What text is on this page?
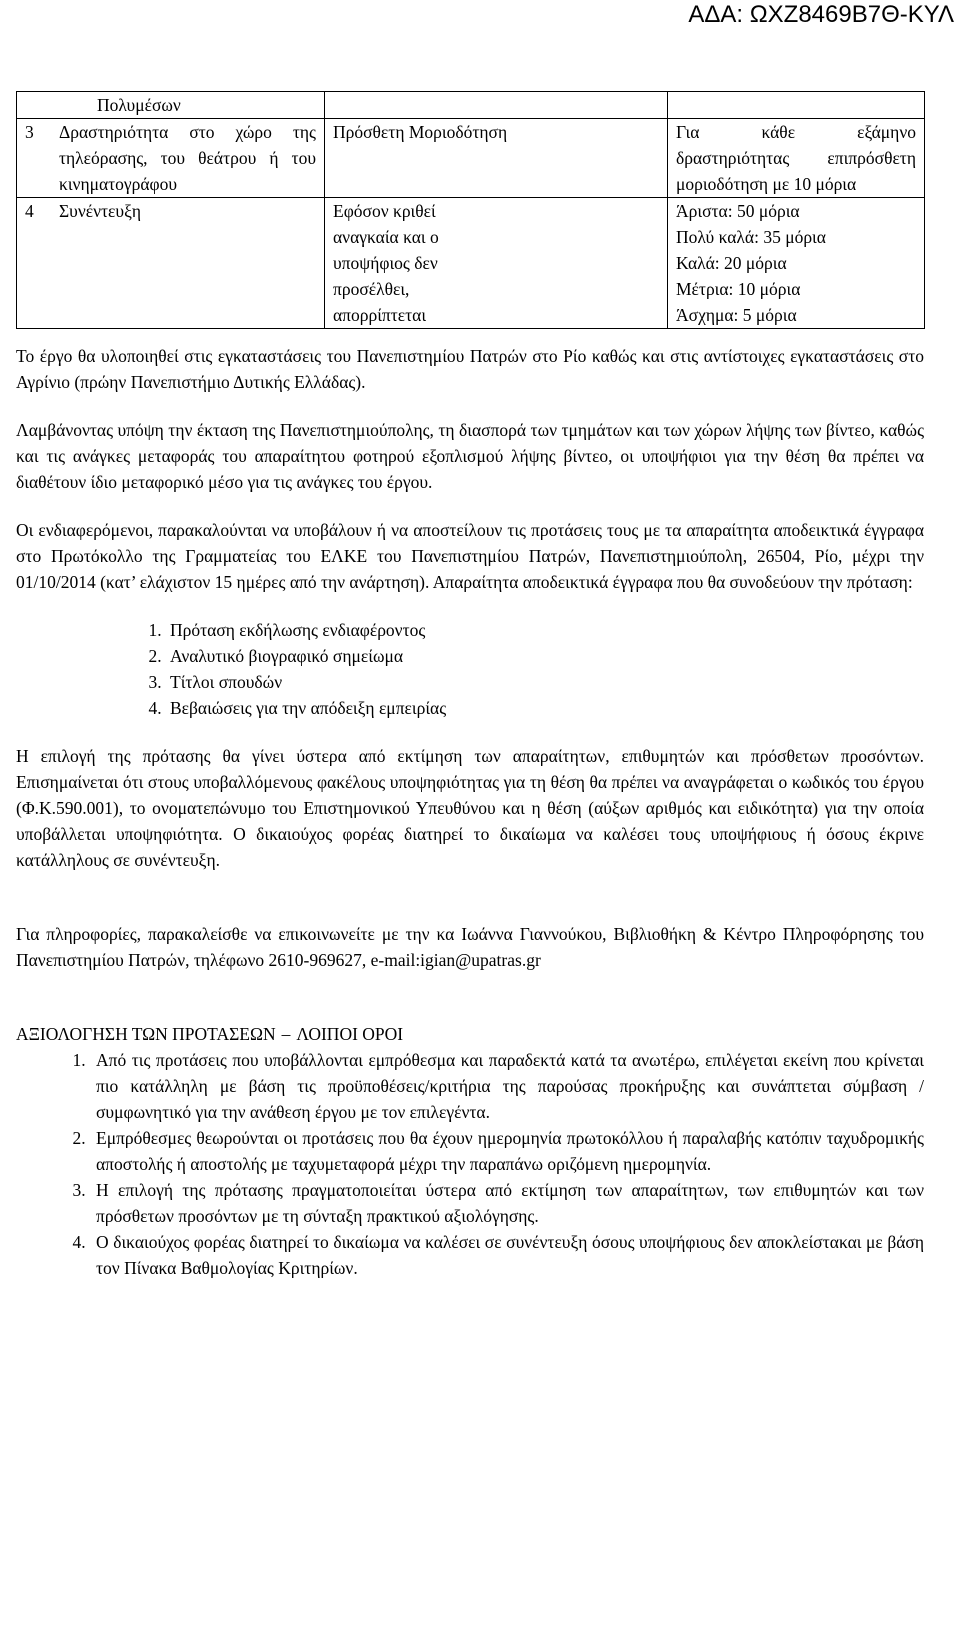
ΑΔΑ: ΩΧΖ8469Β7Θ-ΚΥΛ
Πολυμέσων		

3 Δραστηριότητα στο χώρο της τηλεόρασης, του θεάτρου ή του κινηματογράφου	Πρόσθετη Μοριοδότηση	Για κάθε εξάμηνο δραστηριότητας επιπρόσθετη μοριοδότηση με 10 μόρια

4 Συνέντευξη	Εφόσον κριθεί αναγκαία και ο υποψήφιος δεν προσέλθει, απορρίπτεται	Άριστα: 50 μόρια
Πολύ καλά: 35 μόρια
Καλά: 20 μόρια
Μέτρια: 10 μόρια
Άσχημα: 5 μόρια

Το έργο θα υλοποιηθεί στις εγκαταστάσεις του Πανεπιστημίου Πατρών στο Ρίο καθώς και στις αντίστοιχες εγκαταστάσεις στο Αγρίνιο (πρώην Πανεπιστήμιο Δυτικής Ελλάδας).

Λαμβάνοντας υπόψη την έκταση της Πανεπιστημιούπολης, τη διασπορά των τμημάτων και των χώρων λήψης των βίντεο, καθώς και τις ανάγκες μεταφοράς του απαραίτητου φοτηρού εξοπλισμού λήψης βίντεο, οι υποψήφιοι για την θέση θα πρέπει να διαθέτουν ίδιο μεταφορικό μέσο για τις ανάγκες του έργου.

Οι ενδιαφερόμενοι, παρακαλούνται να υποβάλουν ή να αποστείλουν τις προτάσεις τους με τα απαραίτητα αποδεικτικά έγγραφα στο Πρωτόκολλο της Γραμματείας του ΕΛΚΕ του Πανεπιστημίου Πατρών, Πανεπιστημιούπολη, 26504, Ρίο, μέχρι την 01/10/2014 (κατ’ ελάχιστον 15 ημέρες από την ανάρτηση). Απαραίτητα αποδεικτικά έγγραφα που θα συνοδεύουν την πρόταση:

1. Πρόταση εκδήλωσης ενδιαφέροντος
2. Αναλυτικό βιογραφικό σημείωμα
3. Τίτλοι σπουδών
4. Βεβαιώσεις για την απόδειξη εμπειρίας

Η επιλογή της πρότασης θα γίνει ύστερα από εκτίμηση των απαραίτητων, επιθυμητών και πρόσθετων προσόντων. Επισημαίνεται ότι στους υποβαλλόμενους φακέλους υποψηφιότητας για τη θέση θα πρέπει να αναγράφεται ο κωδικός του έργου (Φ.Κ.590.001), το ονοματεπώνυμο του Επιστημονικού Υπευθύνου και η θέση (αύξων αριθμός και ειδικότητα) για την οποία υποβάλλεται υποψηφιότητα. Ο δικαιούχος φορέας διατηρεί το δικαίωμα να καλέσει τους υποψήφιους ή όσους έκρινε κατάλληλους σε συνέντευξη.

Για πληροφορίες, παρακαλείσθε να επικοινωνείτε με την κα Ιωάννα Γιαννούκου, Βιβλιοθήκη & Κέντρο Πληροφόρησης του Πανεπιστημίου Πατρών, τηλέφωνο 2610-969627, e-mail:igian@upatras.gr

ΑΞΙΟΛΟΓΗΣΗ ΤΩΝ ΠΡΟΤΑΣΕΩΝ – ΛΟΙΠΟΙ ΟΡΟΙ

1. Από τις προτάσεις που υποβάλλονται εμπρόθεσμα και παραδεκτά κατά τα ανωτέρω, επιλέγεται εκείνη που κρίνεται πιο κατάλληλη με βάση τις προϋποθέσεις/κριτήρια της παρούσας προκήρυξης και συνάπτεται σύμβαση / συμφωνητικό για την ανάθεση έργου με τον επιλεγέντα.
2. Εμπρόθεσμες θεωρούνται οι προτάσεις που θα έχουν ημερομηνία πρωτοκόλλου ή παραλαβής κατόπιν ταχυδρομικής αποστολής ή αποστολής με ταχυμεταφορά μέχρι την παραπάνω οριζόμενη ημερομηνία.
3. Η επιλογή της πρότασης πραγματοποιείται ύστερα από εκτίμηση των απαραίτητων, των επιθυμητών και των πρόσθετων προσόντων με τη σύνταξη πρακτικού αξιολόγησης.
4. Ο δικαιούχος φορέας διατηρεί το δικαίωμα να καλέσει σε συνέντευξη όσους υποψήφιους δεν αποκλείστακαι με βάση τον Πίνακα Βαθμολογίας Κριτηρίων.
